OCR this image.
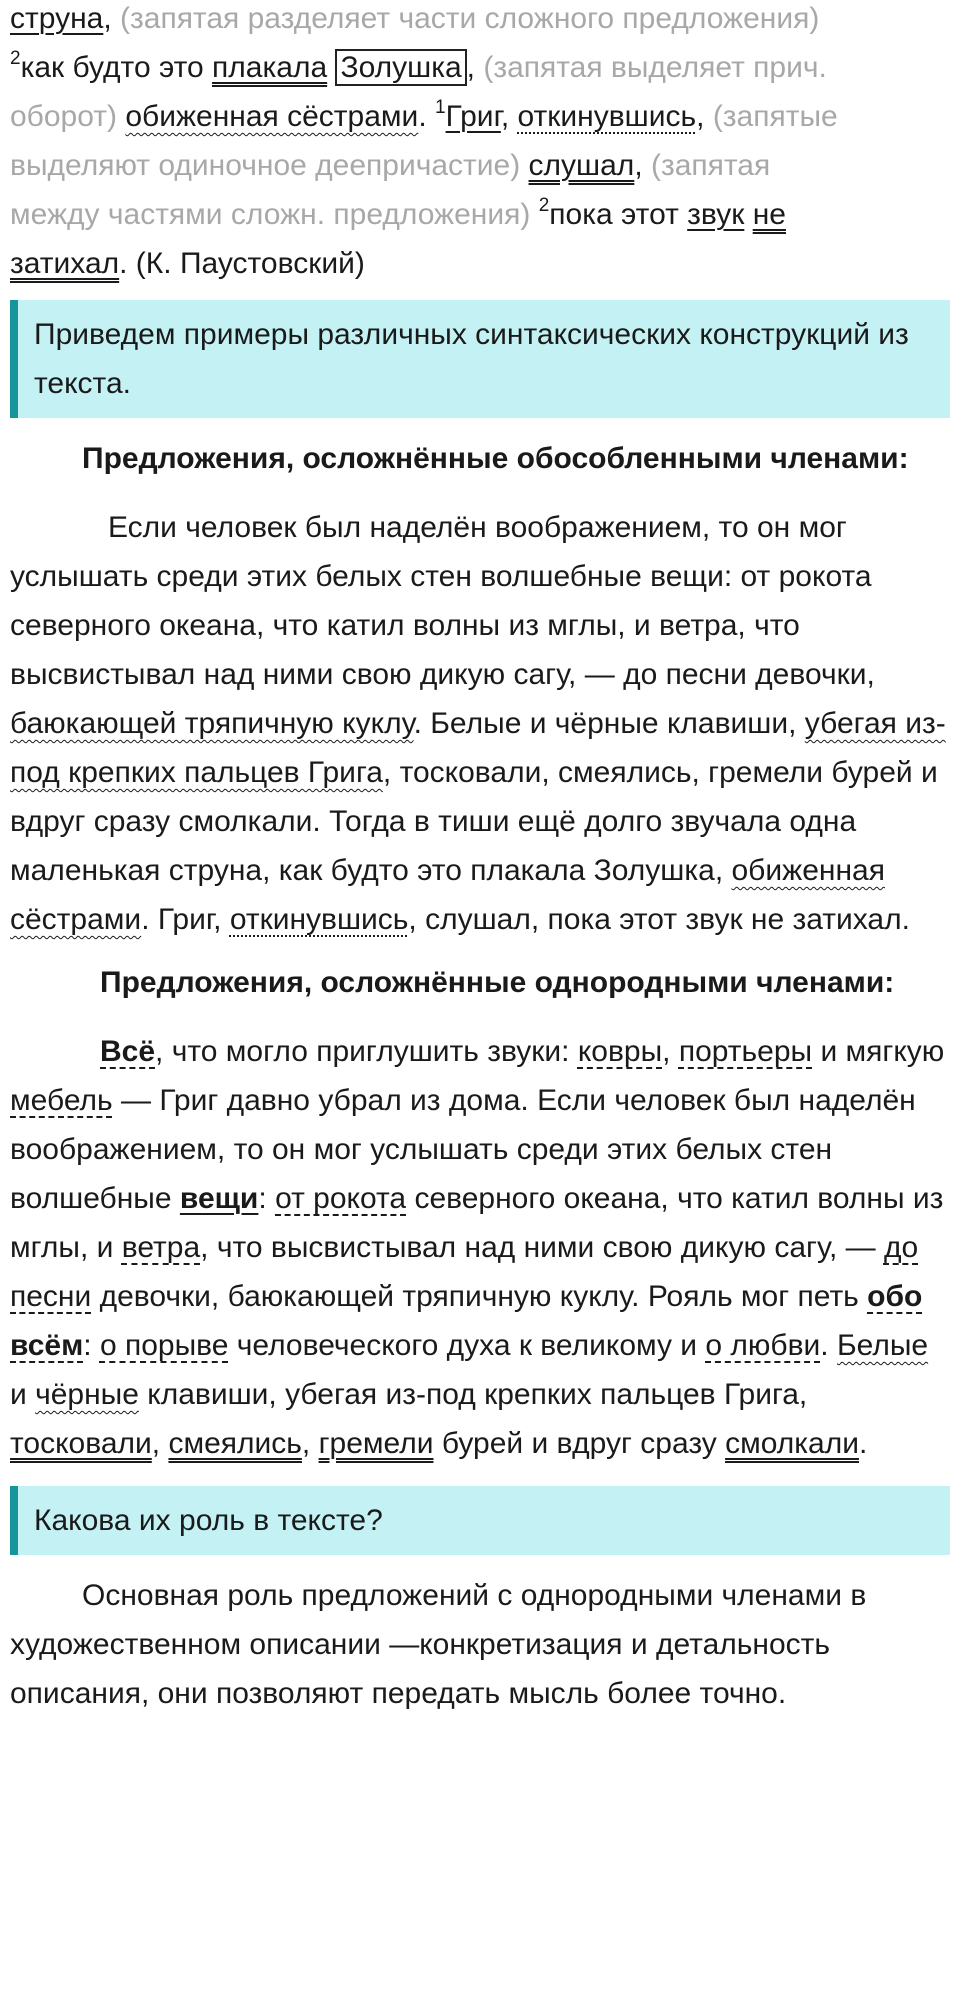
струна, (запятая разделяет части сложного предложения)
$^2$как будто это плакала Золушка , (запятая выделяет прич.
оборот) обиженная сёстрами. $^1$Григ, откинувшись, (запятые
выделяют одиночное деепричастие) слушал, (запятая
между частями сложн. предложения) $^2$пока этот звук не
затихал. (К. Паустовский)

Приведем примеры различных синтаксических конструкций из текста.

Предложения, осложнённые обособленными членами:

Если человек был наделён воображением, то он мог услышать среди этих белых стен волшебные вещи: от рокота северного океана, что катил волны из мглы, и ветра, что высвистывал над ними свою дикую сагу, — до песни девочки, баюкающей тряпичную куклу. Белые и чёрные клавиши, убегая из-под крепких пальцев Грига, тосковали, смеялись, гремели бурей и вдруг сразу смолкали. Тогда в тиши ещё долго звучала одна маленькая струна, как будто это плакала Золушка, обиженная сёстрами. Григ, откинувшись, слушал, пока этот звук не затихал.

Предложения, осложнённые однородными членами:

Всё, что могло приглушить звуки: ковры, портьеры и мягкую мебель — Григ давно убрал из дома. Если человек был наделён воображением, то он мог услышать среди этих белых стен волшебные вещи: от рокота северного океана, что катил волны из мглы, и ветра, что высвистывал над ними свою дикую сагу, — до песни девочки, баюкающей тряпичную куклу. Рояль мог петь обо всём: о порыве человеческого духа к великому и о любви. Белые и чёрные клавиши, убегая из-под крепких пальцев Грига, тосковали, смеялись, гремели бурей и вдруг сразу смолкали.

Какова их роль в тексте?

Основная роль предложений с однородными членами в художественном описании —конкретизация и детальность описания, они позволяют передать мысль более точно.
